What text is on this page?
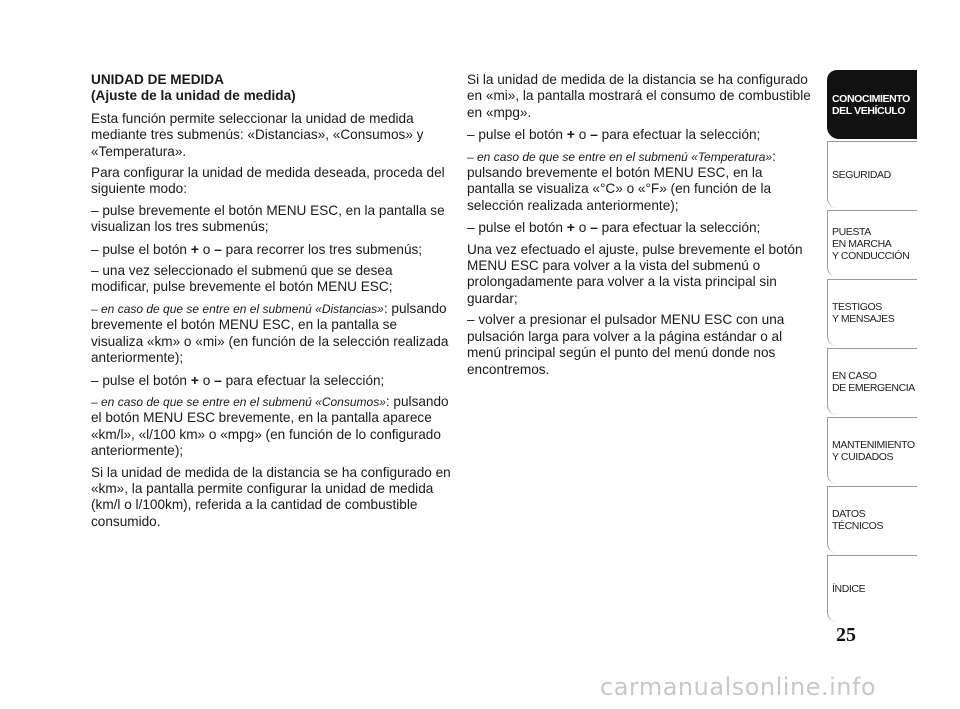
UNIDAD DE MEDIDA
(Ajuste de la unidad de medida)

Esta función permite seleccionar la unidad de medida mediante tres submenús: «Distancias», «Consumos» y «Temperatura».

Para configurar la unidad de medida deseada, proceda del siguiente modo:

– pulse brevemente el botón MENU ESC, en la pantalla se visualizan los tres submenús;

– pulse el botón + o – para recorrer los tres submenús;

– una vez seleccionado el submenú que se desea modificar, pulse brevemente el botón MENU ESC;

– en caso de que se entre en el submenú «Distancias»: pulsando brevemente el botón MENU ESC, en la pantalla se visualiza «km» o «mi» (en función de la selección realizada anteriormente);

– pulse el botón + o – para efectuar la selección;

– en caso de que se entre en el submenú «Consumos»: pulsando el botón MENU ESC brevemente, en la pantalla aparece «km/l», «l/100 km» o «mpg» (en función de lo configurado anteriormente);

Si la unidad de medida de la distancia se ha configurado en «km», la pantalla permite configurar la unidad de medida (km/l o l/100km), referida a la cantidad de combustible consumido.

Si la unidad de medida de la distancia se ha configurado en «mi», la pantalla mostrará el consumo de combustible en «mpg».

– pulse el botón + o – para efectuar la selección;

– en caso de que se entre en el submenú «Temperatura»: pulsando brevemente el botón MENU ESC, en la pantalla se visualiza «°C» o «°F» (en función de la selección realizada anteriormente);

– pulse el botón + o – para efectuar la selección;

Una vez efectuado el ajuste, pulse brevemente el botón MENU ESC para volver a la vista del submenú o prolongadamente para volver a la vista principal sin guardar;

– volver a presionar el pulsador MENU ESC con una pulsación larga para volver a la página estándar o al menú principal según el punto del menú donde nos encontremos.

CONOCIMIENTO
DEL VEHÍCULO
SEGURIDAD
PUESTA
EN MARCHA
Y CONDUCCIÓN
TESTIGOS
Y MENSAJES
EN CASO
DE EMERGENCIA
MANTENIMIENTO
Y CUIDADOS
DATOS TÉCNICOS
ÍNDICE
25
carmanualsonline.info
